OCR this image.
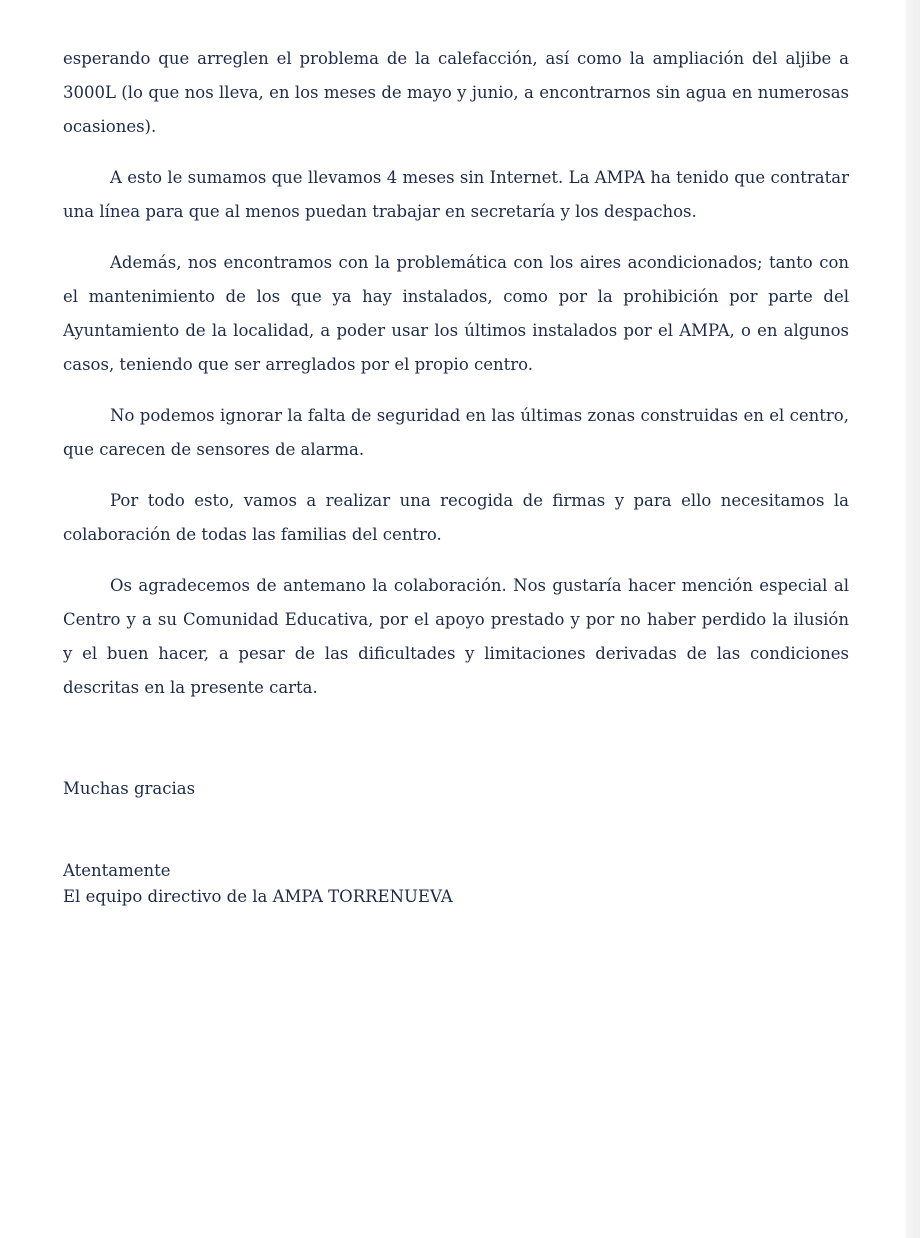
esperando que arreglen el problema de la calefacción, así como la ampliación del aljibe a 3000L (lo que nos lleva, en los meses de mayo y junio, a encontrarnos sin agua en numerosas ocasiones).

A esto le sumamos que llevamos 4 meses sin Internet. La AMPA ha tenido que contratar una línea para que al menos puedan trabajar en secretaría y los despachos.

Además, nos encontramos con la problemática con los aires acondicionados; tanto con el mantenimiento de los que ya hay instalados, como por la prohibición por parte del Ayuntamiento de la localidad, a poder usar los últimos instalados por el AMPA, o en algunos casos, teniendo que ser arreglados por el propio centro.

No podemos ignorar la falta de seguridad en las últimas zonas construidas en el centro, que carecen de sensores de alarma.

Por todo esto, vamos a realizar una recogida de firmas y para ello necesitamos la colaboración de todas las familias del centro.

Os agradecemos de antemano la colaboración. Nos gustaría hacer mención especial al Centro y a su Comunidad Educativa, por el apoyo prestado y por no haber perdido la ilusión y el buen hacer, a pesar de las dificultades y limitaciones derivadas de las condiciones descritas en la presente carta.

Muchas gracias

Atentamente

El equipo directivo de la AMPA TORRENUEVA
